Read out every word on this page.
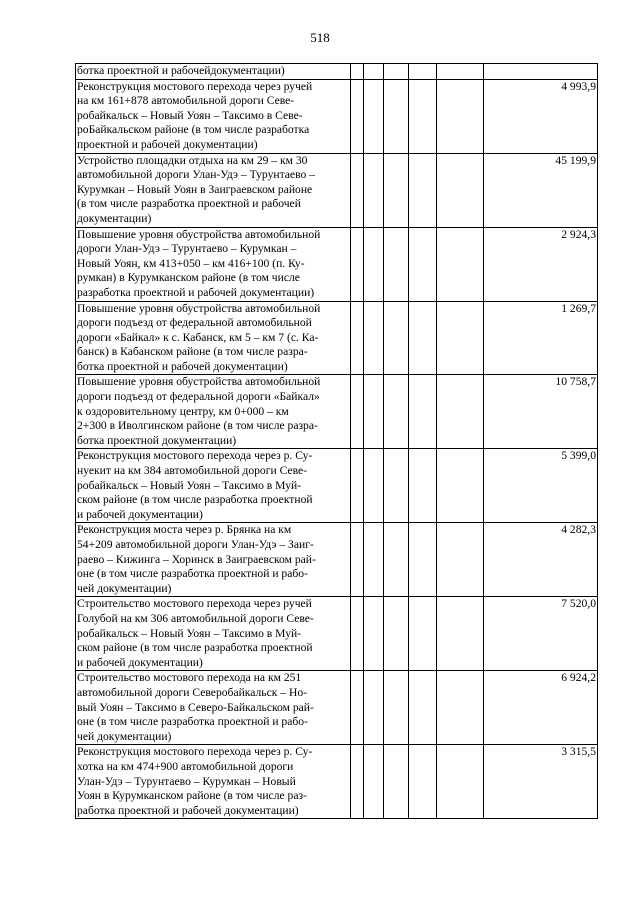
518
ботка проектной и рабочейдокументации)						

Реконструкция мостового перехода через ручей
на км 161+878 автомобильной дороги Севе-
робайкальск – Новый Уоян – Таксимо в Севе-
роБайкальском районе (в том числе разработка
проектной и рабочей документации)						4 993,9

Устройство площадки отдыха на км 29 – км 30
автомобильной дороги Улан-Удэ – Турунтаево –
Курумкан – Новый Уоян в Заиграевском районе
(в том числе разработка проектной и рабочей
документации)						45 199,9

Повышение уровня обустройства автомобильной
дороги Улан-Удэ – Турунтаево – Курумкан –
Новый Уоян, км 413+050 – км 416+100 (п. Ку-
румкан) в Курумканском районе (в том числе
разработка проектной и рабочей документации)						2 924,3

Повышение уровня обустройства автомобильной
дороги подъезд от федеральной автомобильной
дороги «Байкал» к с. Кабанск, км 5 – км 7 (с. Ка-
банск) в Кабанском районе (в том числе разра-
ботка проектной и рабочей документации)						1 269,7

Повышение уровня обустройства автомобильной
дороги подъезд от федеральной дороги «Байкал»
к оздоровительному центру, км 0+000 – км
2+300 в Иволгинском районе (в том числе разра-
ботка проектной документации)						10 758,7

Реконструкция мостового перехода через р. Су-
нуекит на км 384 автомобильной дороги Севе-
робайкальск – Новый Уоян – Таксимо в Муй-
ском районе (в том числе разработка проектной
и рабочей документации)						5 399,0

Реконструкция моста через р. Брянка на км
54+209 автомобильной дороги Улан-Удэ – Заиг-
раево – Кижинга – Хоринск в Заиграевском рай-
оне (в том числе разработка проектной и рабо-
чей документации)						4 282,3

Строительство мостового перехода через ручей
Голубой на км 306 автомобильной дороги Севе-
робайкальск – Новый Уоян – Таксимо в Муй-
ском районе (в том числе разработка проектной
и рабочей документации)						7 520,0

Строительство мостового перехода на км 251
автомобильной дороги Северобайкальск – Но-
вый Уоян – Таксимо в Северо-Байкальском рай-
оне (в том числе разработка проектной и рабо-
чей документации)						6 924,2

Реконструкция мостового перехода через р. Су-
хотка на км 474+900 автомобильной дороги
Улан-Удэ – Турунтаево – Курумкан – Новый
Уоян в Курумканском районе (в том числе раз-
работка проектной и рабочей документации)						3 315,5
